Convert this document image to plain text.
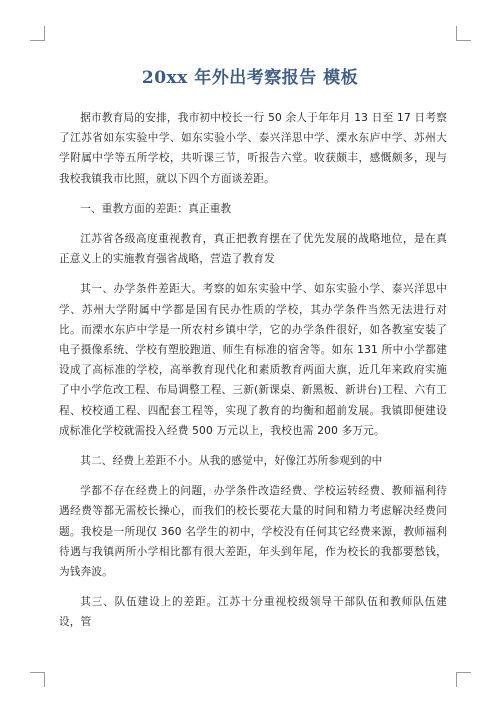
20xx 年外出考察报告 模板

据市教育局的安排，我市初中校长一行 50 余人于年年月 13 日至 17 日考察了江苏省如东实验中学、如东实验小学、泰兴洋思中学、溧水东庐中学、苏州大学附属中学等五所学校，共听课三节，听报告六堂。收获颇丰，感慨颇多，现与我校我镇我市比照，就以下四个方面谈差距。

一、重教方面的差距：真正重教

江苏省各级高度重视教育，真正把教育摆在了优先发展的战略地位，是在真正意义上的实施教育强省战略，营造了教育发

其一、办学条件差距大。考察的如东实验中学、如东实验小学、泰兴洋思中学、苏州大学附属中学都是国有民办性质的学校，其办学条件当然无法进行对比。而溧水东庐中学是一所农村乡镇中学，它的办学条件很好，如各教室安装了电子摄像系统、学校有塑胶跑道、师生有标准的宿舍等。如东 131 所中小学都建设成了高标准的学校，高举教育现代化和素质教育两面大旗，近几年来政府实施了中小学危改工程、布局调整工程、三新(新课桌、新黑板、新讲台)工程、六有工程、校校通工程、四配套工程等，实现了教育的均衡和超前发展。我镇即便建设成标准化学校就需投入经费 500 万元以上，我校也需 200 多万元。

其二、经费上差距不小。从我的感觉中，好像江苏所参观到的中

学都不存在经费上的问题，办学条件改造经费、学校运转经费、教师福利待遇经费等都无需校长操心，而我们的校长要花大量的时间和精力考虑解决经费问题。我校是一所现仅 360 名学生的初中，学校没有任何其它经费来源，教师福利待遇与我镇两所小学相比都有很大差距，年头到年尾，作为校长的我都要愁钱，为钱奔波。

其三、队伍建设上的差距。江苏十分重视校级领导干部队伍和教师队伍建设，管
